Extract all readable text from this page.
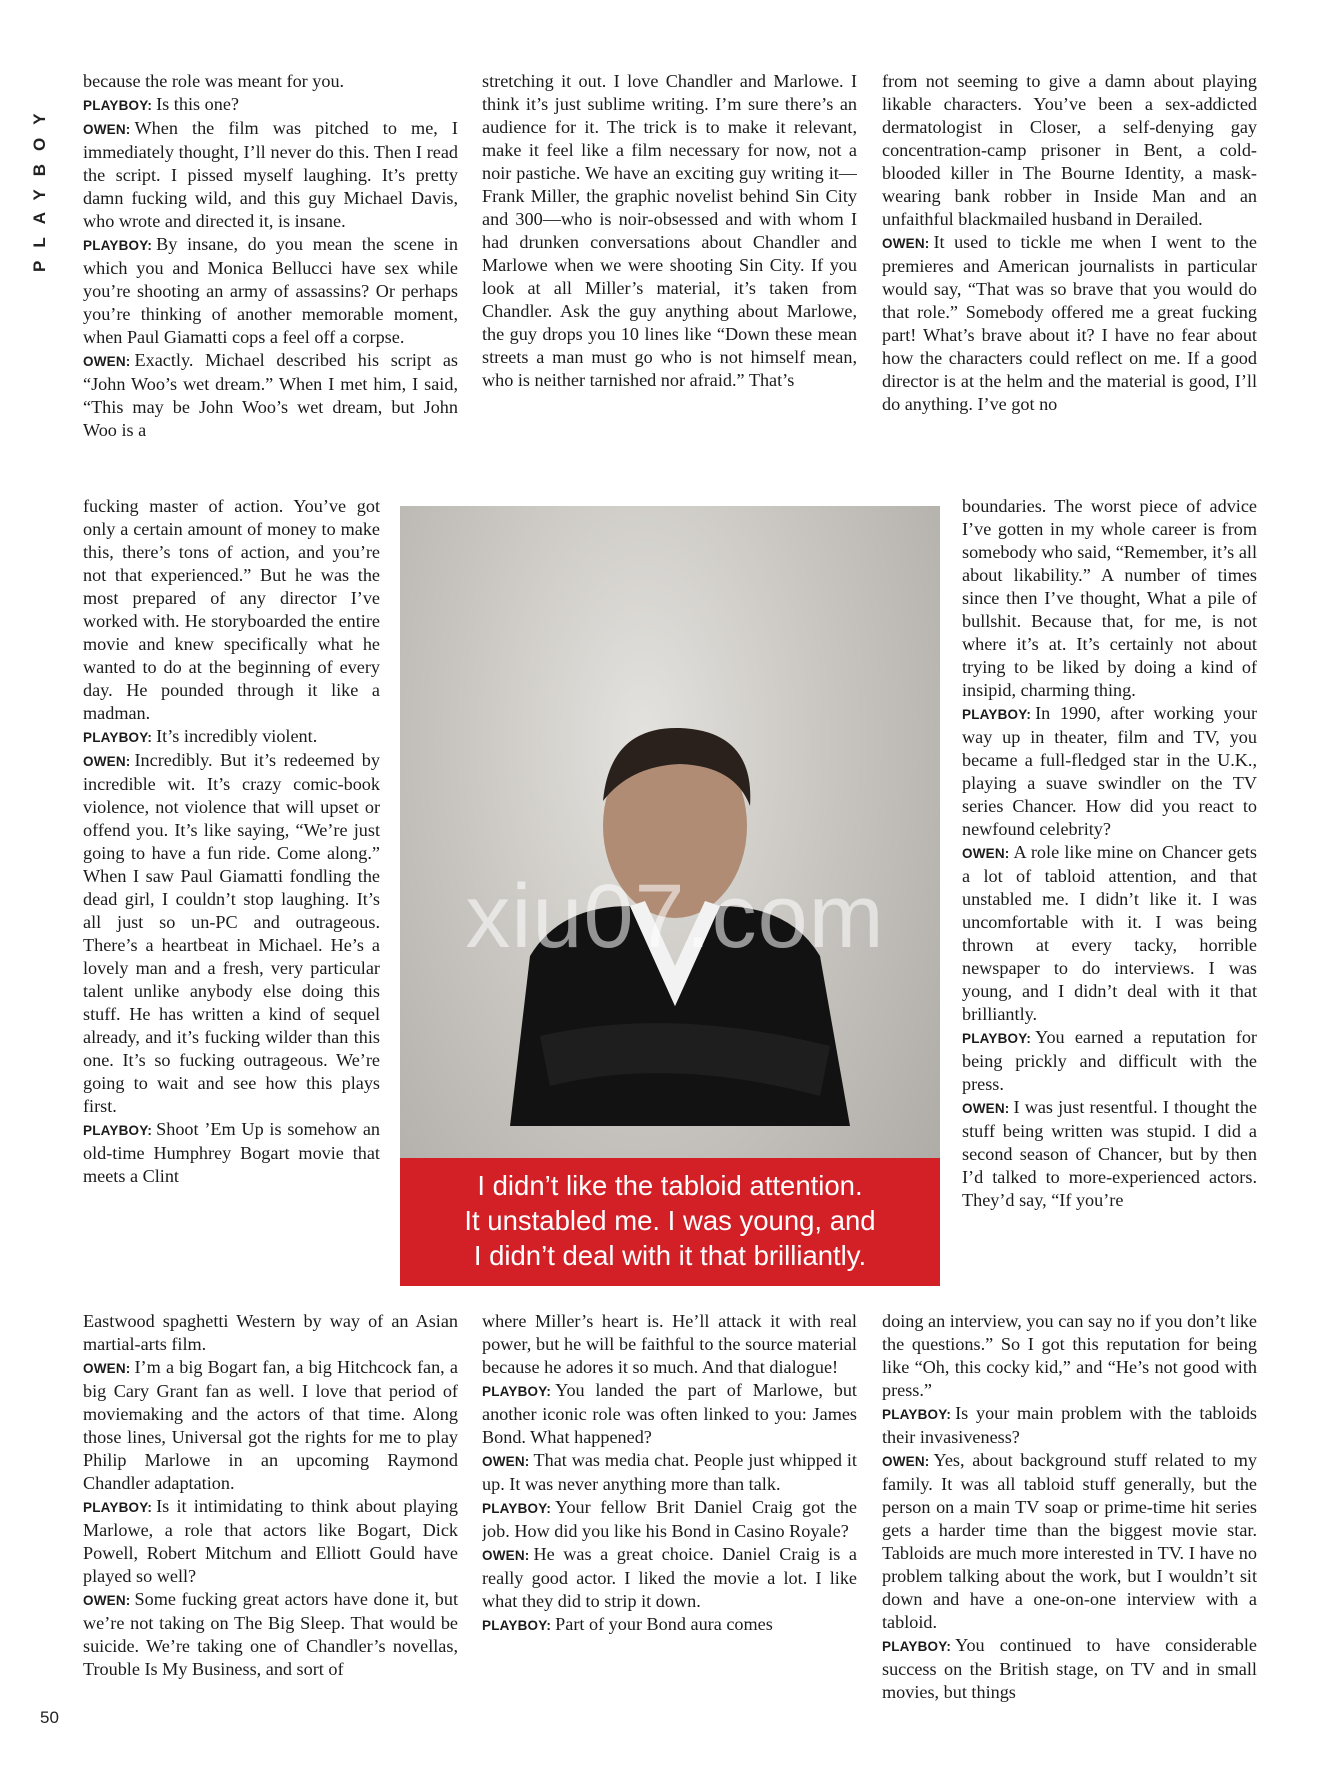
PLAYBOY
50

because the role was meant for you.

PLAYBOY: Is this one?

OWEN: When the film was pitched to me, I immediately thought, I’ll never do this. Then I read the script. I pissed myself laughing. It’s pretty damn fucking wild, and this guy Michael Davis, who wrote and directed it, is insane.

PLAYBOY: By insane, do you mean the scene in which you and Monica Bellucci have sex while you’re shooting an army of assassins? Or perhaps you’re thinking of another memorable moment, when Paul Giamatti cops a feel off a corpse.

OWEN: Exactly. Michael described his script as “John Woo’s wet dream.” When I met him, I said, “This may be John Woo’s wet dream, but John Woo is a

fucking master of action. You’ve got only a certain amount of money to make this, there’s tons of action, and you’re not that experienced.” But he was the most prepared of any director I’ve worked with. He storyboarded the entire movie and knew specifically what he wanted to do at the beginning of every day. He pounded through it like a madman.

PLAYBOY: It’s incredibly violent.

OWEN: Incredibly. But it’s redeemed by incredible wit. It’s crazy comic-book violence, not violence that will upset or offend you. It’s like saying, “We’re just going to have a fun ride. Come along.” When I saw Paul Giamatti fondling the dead girl, I couldn’t stop laughing. It’s all just so un-PC and outrageous. There’s a heartbeat in Michael. He’s a lovely man and a fresh, very particular talent unlike anybody else doing this stuff. He has written a kind of sequel already, and it’s fucking wilder than this one. It’s so fucking outrageous. We’re going to wait and see how this plays first.

PLAYBOY: Shoot ’Em Up is somehow an old-time Humphrey Bogart movie that meets a Clint

Eastwood spaghetti Western by way of an Asian martial-arts film.

OWEN: I’m a big Bogart fan, a big Hitchcock fan, a big Cary Grant fan as well. I love that period of moviemaking and the actors of that time. Along those lines, Universal got the rights for me to play Philip Marlowe in an upcoming Raymond Chandler adaptation.

PLAYBOY: Is it intimidating to think about playing Marlowe, a role that actors like Bogart, Dick Powell, Robert Mitchum and Elliott Gould have played so well?

OWEN: Some fucking great actors have done it, but we’re not taking on The Big Sleep. That would be suicide. We’re taking one of Chandler’s novellas, Trouble Is My Business, and sort of

stretching it out. I love Chandler and Marlowe. I think it’s just sublime writing. I’m sure there’s an audience for it. The trick is to make it relevant, make it feel like a film necessary for now, not a noir pastiche. We have an exciting guy writing it—Frank Miller, the graphic novelist behind Sin City and 300—who is noir-obsessed and with whom I had drunken conversations about Chandler and Marlowe when we were shooting Sin City. If you look at all Miller’s material, it’s taken from Chandler. Ask the guy anything about Marlowe, the guy drops you 10 lines like “Down these mean streets a man must go who is not himself mean, who is neither tarnished nor afraid.” That’s

where Miller’s heart is. He’ll attack it with real power, but he will be faithful to the source material because he adores it so much. And that dialogue!

PLAYBOY: You landed the part of Marlowe, but another iconic role was often linked to you: James Bond. What happened?

OWEN: That was media chat. People just whipped it up. It was never anything more than talk.

PLAYBOY: Your fellow Brit Daniel Craig got the job. How did you like his Bond in Casino Royale?

OWEN: He was a great choice. Daniel Craig is a really good actor. I liked the movie a lot. I like what they did to strip it down.

PLAYBOY: Part of your Bond aura comes

from not seeming to give a damn about playing likable characters. You’ve been a sex-addicted dermatologist in Closer, a self-denying gay concentration-camp prisoner in Bent, a cold-blooded killer in The Bourne Identity, a mask-wearing bank robber in Inside Man and an unfaithful blackmailed husband in Derailed.

OWEN: It used to tickle me when I went to the premieres and American journalists in particular would say, “That was so brave that you would do that role.” Somebody offered me a great fucking part! What’s brave about it? I have no fear about how the characters could reflect on me. If a good director is at the helm and the material is good, I’ll do anything. I’ve got no

boundaries. The worst piece of advice I’ve gotten in my whole career is from somebody who said, “Remember, it’s all about likability.” A number of times since then I’ve thought, What a pile of bullshit. Because that, for me, is not where it’s at. It’s certainly not about trying to be liked by doing a kind of insipid, charming thing.

PLAYBOY: In 1990, after working your way up in theater, film and TV, you became a full-fledged star in the U.K., playing a suave swindler on the TV series Chancer. How did you react to newfound celebrity?

OWEN: A role like mine on Chancer gets a lot of tabloid attention, and that unstabled me. I didn’t like it. I was uncomfortable with it. I was being thrown at every tacky, horrible newspaper to do interviews. I was young, and I didn’t deal with it that brilliantly.

PLAYBOY: You earned a reputation for being prickly and difficult with the press.

OWEN: I was just resentful. I thought the stuff being written was stupid. I did a second season of Chancer, but by then I’d talked to more-experienced actors. They’d say, “If you’re

doing an interview, you can say no if you don’t like the questions.” So I got this reputation for being like “Oh, this cocky kid,” and “He’s not good with press.”

PLAYBOY: Is your main problem with the tabloids their invasiveness?

OWEN: Yes, about background stuff related to my family. It was all tabloid stuff generally, but the person on a main TV soap or prime-time hit series gets a harder time than the biggest movie star. Tabloids are much more interested in TV. I have no problem talking about the work, but I wouldn’t sit down and have a one-on-one interview with a tabloid.

PLAYBOY: You continued to have considerable success on the British stage, on TV and in small movies, but things

xiu07.com

I didn’t like the tabloid attention.
It unstabled me. I was young, and
I didn’t deal with it that brilliantly.
